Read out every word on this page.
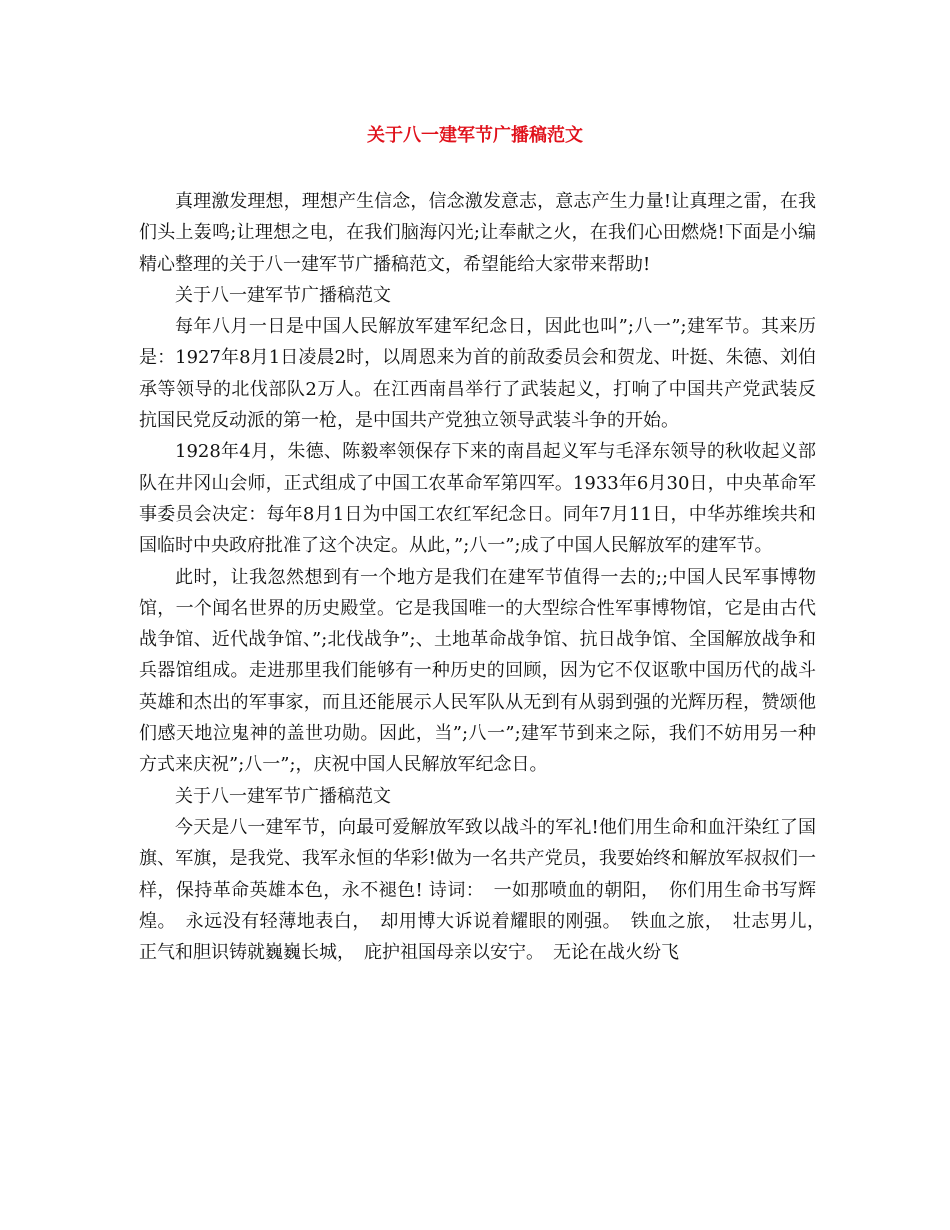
关于八一建军节广播稿范文

真理激发理想，理想产生信念，信念激发意志，意志产生力量!让真理之雷，在我们头上轰鸣;让理想之电，在我们脑海闪光;让奉献之火，在我们心田燃烧!下面是小编精心整理的关于八一建军节广播稿范文，希望能给大家带来帮助!

关于八一建军节广播稿范文

每年八月一日是中国人民解放军建军纪念日，因此也叫”;八一”;建军节。其来历是：1927年8月1日凌晨2时，以周恩来为首的前敌委员会和贺龙、叶挺、朱德、刘伯承等领导的北伐部队2万人。在江西南昌举行了武装起义，打响了中国共产党武装反抗国民党反动派的第一枪，是中国共产党独立领导武装斗争的开始。

1928年4月，朱德、陈毅率领保存下来的南昌起义军与毛泽东领导的秋收起义部队在井冈山会师，正式组成了中国工农革命军第四军。1933年6月30日，中央革命军事委员会决定：每年8月1日为中国工农红军纪念日。同年7月11日，中华苏维埃共和国临时中央政府批准了这个决定。从此，”;八一”;成了中国人民解放军的建军节。

此时，让我忽然想到有一个地方是我们在建军节值得一去的;;中国人民军事博物馆，一个闻名世界的历史殿堂。它是我国唯一的大型综合性军事博物馆，它是由古代战争馆、近代战争馆、”;北伐战争”;、土地革命战争馆、抗日战争馆、全国解放战争和兵器馆组成。走进那里我们能够有一种历史的回顾，因为它不仅讴歌中国历代的战斗英雄和杰出的军事家，而且还能展示人民军队从无到有从弱到强的光辉历程，赞颂他们感天地泣鬼神的盖世功勋。因此，当”;八一”;建军节到来之际，我们不妨用另一种方式来庆祝”;八一”;，庆祝中国人民解放军纪念日。

关于八一建军节广播稿范文

今天是八一建军节，向最可爱解放军致以战斗的军礼!他们用生命和血汗染红了国旗、军旗，是我党、我军永恒的华彩!做为一名共产党员，我要始终和解放军叔叔们一样，保持革命英雄本色，永不褪色! 诗词：　一如那喷血的朝阳，　你们用生命书写辉煌。　永远没有轻薄地表白，　却用博大诉说着耀眼的刚强。　铁血之旅，　壮志男儿，　正气和胆识铸就巍巍长城，　庇护祖国母亲以安宁。　无论在战火纷飞
